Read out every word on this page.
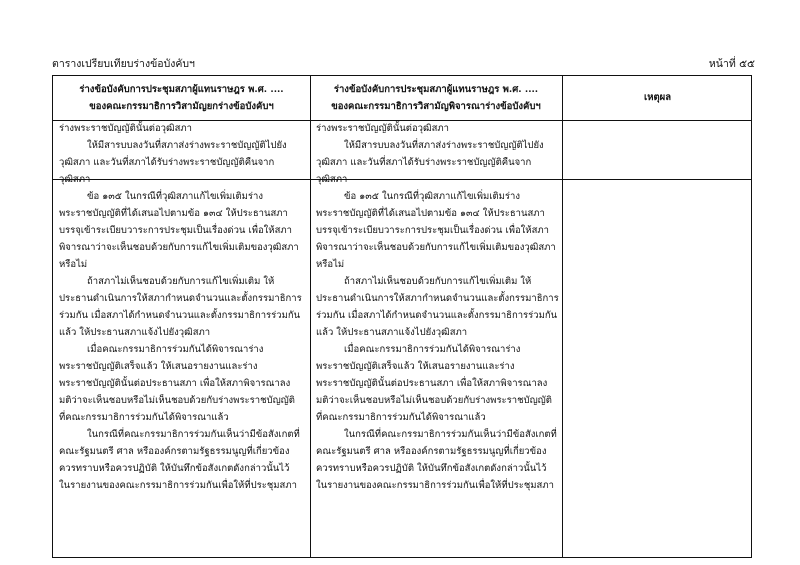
ตารางเปรียบเทียบร่างข้อบังคับฯ	หน้าที่ ๕๕
ร่างข้อบังคับการประชุมสภาผู้แทนราษฎร พ.ศ. ....
ของคณะกรรมาธิการวิสามัญยกร่างข้อบังคับฯ
ร่างข้อบังคับการประชุมสภาผู้แทนราษฎร พ.ศ. ....
ของคณะกรรมาธิการวิสามัญพิจารณาร่างข้อบังคับฯ
เหตุผล
ร่างพระราชบัญญัตินั้นต่อวุฒิสภา
ให้มีสารบบลงวันที่สภาส่งร่างพระราชบัญญัติไปยัง
วุฒิสภา และวันที่สภาได้รับร่างพระราชบัญญัติคืนจาก
วุฒิสภา
ร่างพระราชบัญญัตินั้นต่อวุฒิสภา
ให้มีสารบบลงวันที่สภาส่งร่างพระราชบัญญัติไปยัง
วุฒิสภา และวันที่สภาได้รับร่างพระราชบัญญัติคืนจาก
วุฒิสภา
ข้อ ๑๓๕ ในกรณีที่วุฒิสภาแก้ไขเพิ่มเติมร่าง
พระราชบัญญัติที่ได้เสนอไปตามข้อ ๑๓๔ ให้ประธานสภา
บรรจุเข้าระเบียบวาระการประชุมเป็นเรื่องด่วน เพื่อให้สภา
พิจารณาว่าจะเห็นชอบด้วยกับการแก้ไขเพิ่มเติมของวุฒิสภา
หรือไม่
ถ้าสภาไม่เห็นชอบด้วยกับการแก้ไขเพิ่มเติม ให้
ประธานดำเนินการให้สภากำหนดจำนวนและตั้งกรรมาธิการ
ร่วมกัน เมื่อสภาได้กำหนดจำนวนและตั้งกรรมาธิการร่วมกัน
แล้ว ให้ประธานสภาแจ้งไปยังวุฒิสภา
เมื่อคณะกรรมาธิการร่วมกันได้พิจารณาร่าง
พระราชบัญญัติเสร็จแล้ว ให้เสนอรายงานและร่าง
พระราชบัญญัตินั้นต่อประธานสภา เพื่อให้สภาพิจารณาลง
มติว่าจะเห็นชอบหรือไม่เห็นชอบด้วยกับร่างพระราชบัญญัติ
ที่คณะกรรมาธิการร่วมกันได้พิจารณาแล้ว
ในกรณีที่คณะกรรมาธิการร่วมกันเห็นว่ามีข้อสังเกตที่
คณะรัฐมนตรี ศาล หรือองค์กรตามรัฐธรรมนูญที่เกี่ยวข้อง
ควรทราบหรือควรปฏิบัติ ให้บันทึกข้อสังเกตดังกล่าวนั้นไว้
ในรายงานของคณะกรรมาธิการร่วมกันเพื่อให้ที่ประชุมสภา
ข้อ ๑๓๕ ในกรณีที่วุฒิสภาแก้ไขเพิ่มเติมร่าง
พระราชบัญญัติที่ได้เสนอไปตามข้อ ๑๓๔ ให้ประธานสภา
บรรจุเข้าระเบียบวาระการประชุมเป็นเรื่องด่วน เพื่อให้สภา
พิจารณาว่าจะเห็นชอบด้วยกับการแก้ไขเพิ่มเติมของวุฒิสภา
หรือไม่
ถ้าสภาไม่เห็นชอบด้วยกับการแก้ไขเพิ่มเติม ให้
ประธานดำเนินการให้สภากำหนดจำนวนและตั้งกรรมาธิการ
ร่วมกัน เมื่อสภาได้กำหนดจำนวนและตั้งกรรมาธิการร่วมกัน
แล้ว ให้ประธานสภาแจ้งไปยังวุฒิสภา
เมื่อคณะกรรมาธิการร่วมกันได้พิจารณาร่าง
พระราชบัญญัติเสร็จแล้ว ให้เสนอรายงานและร่าง
พระราชบัญญัตินั้นต่อประธานสภา เพื่อให้สภาพิจารณาลง
มติว่าจะเห็นชอบหรือไม่เห็นชอบด้วยกับร่างพระราชบัญญัติ
ที่คณะกรรมาธิการร่วมกันได้พิจารณาแล้ว
ในกรณีที่คณะกรรมาธิการร่วมกันเห็นว่ามีข้อสังเกตที่
คณะรัฐมนตรี ศาล หรือองค์กรตามรัฐธรรมนูญที่เกี่ยวข้อง
ควรทราบหรือควรปฏิบัติ ให้บันทึกข้อสังเกตดังกล่าวนั้นไว้
ในรายงานของคณะกรรมาธิการร่วมกันเพื่อให้ที่ประชุมสภา
